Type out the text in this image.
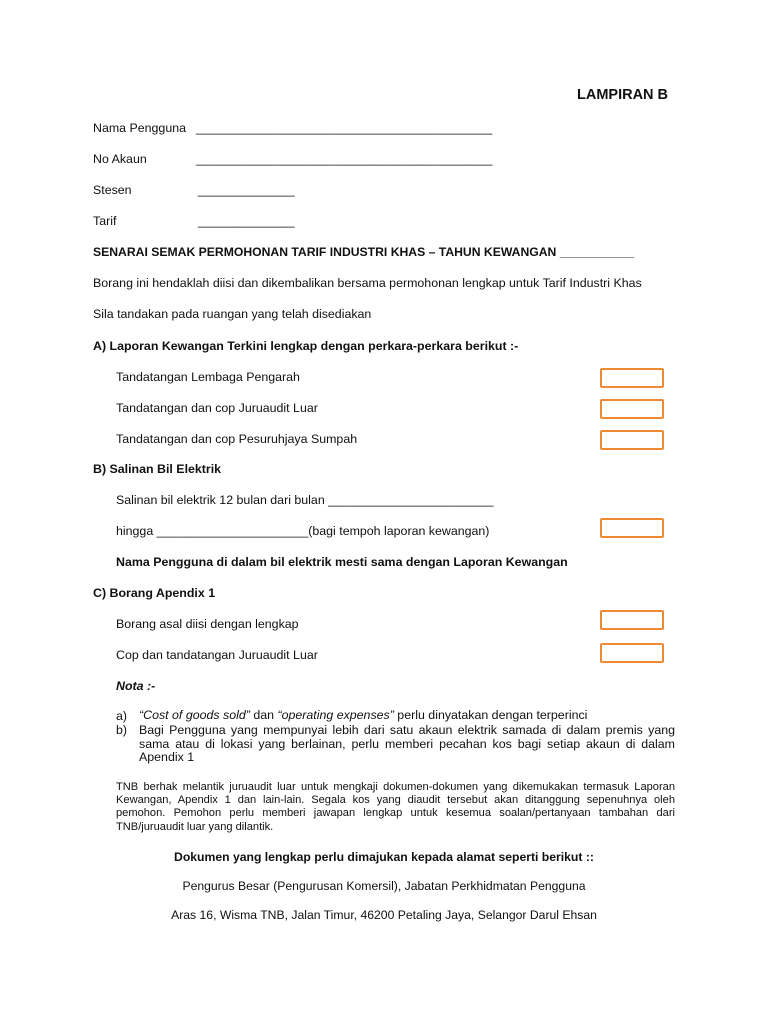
LAMPIRAN B
Nama Pengguna ___________________________________________
No Akaun	___________________________________________
Stesen	______________
Tarif	______________
SENARAI SEMAK PERMOHONAN TARIF INDUSTRI KHAS – TAHUN KEWANGAN ___________
Borang ini hendaklah diisi dan dikembalikan bersama permohonan lengkap untuk Tarif Industri Khas
Sila tandakan pada ruangan yang telah disediakan
A) Laporan Kewangan Terkini lengkap dengan perkara-perkara berikut :-
Tandatangan Lembaga Pengarah
Tandatangan dan cop Juruaudit Luar
Tandatangan dan cop Pesuruhjaya Sumpah
B) Salinan Bil Elektrik
Salinan bil elektrik 12 bulan dari bulan ________________________
hingga ______________________(bagi tempoh laporan kewangan)
Nama Pengguna di dalam bil elektrik mesti sama dengan Laporan Kewangan
C) Borang Apendix 1
Borang asal diisi dengan lengkap
Cop dan tandatangan Juruaudit Luar
Nota :-
a) “Cost of goods sold” dan “operating expenses” perlu dinyatakan dengan terperinci
b) Bagi Pengguna yang mempunyai lebih dari satu akaun elektrik samada di dalam premis yang sama atau di lokasi yang berlainan, perlu memberi pecahan kos bagi setiap akaun di dalam Apendix 1
TNB berhak melantik juruaudit luar untuk mengkaji dokumen-dokumen yang dikemukakan termasuk Laporan Kewangan, Apendix 1 dan lain-lain. Segala kos yang diaudit tersebut akan ditanggung sepenuhnya oleh pemohon. Pemohon perlu memberi jawapan lengkap untuk kesemua soalan/pertanyaan tambahan dari TNB/juruaudit luar yang dilantik.
Dokumen yang lengkap perlu dimajukan kepada alamat seperti berikut ::
Pengurus Besar (Pengurusan Komersil), Jabatan Perkhidmatan Pengguna
Aras 16, Wisma TNB, Jalan Timur, 46200 Petaling Jaya, Selangor Darul Ehsan
